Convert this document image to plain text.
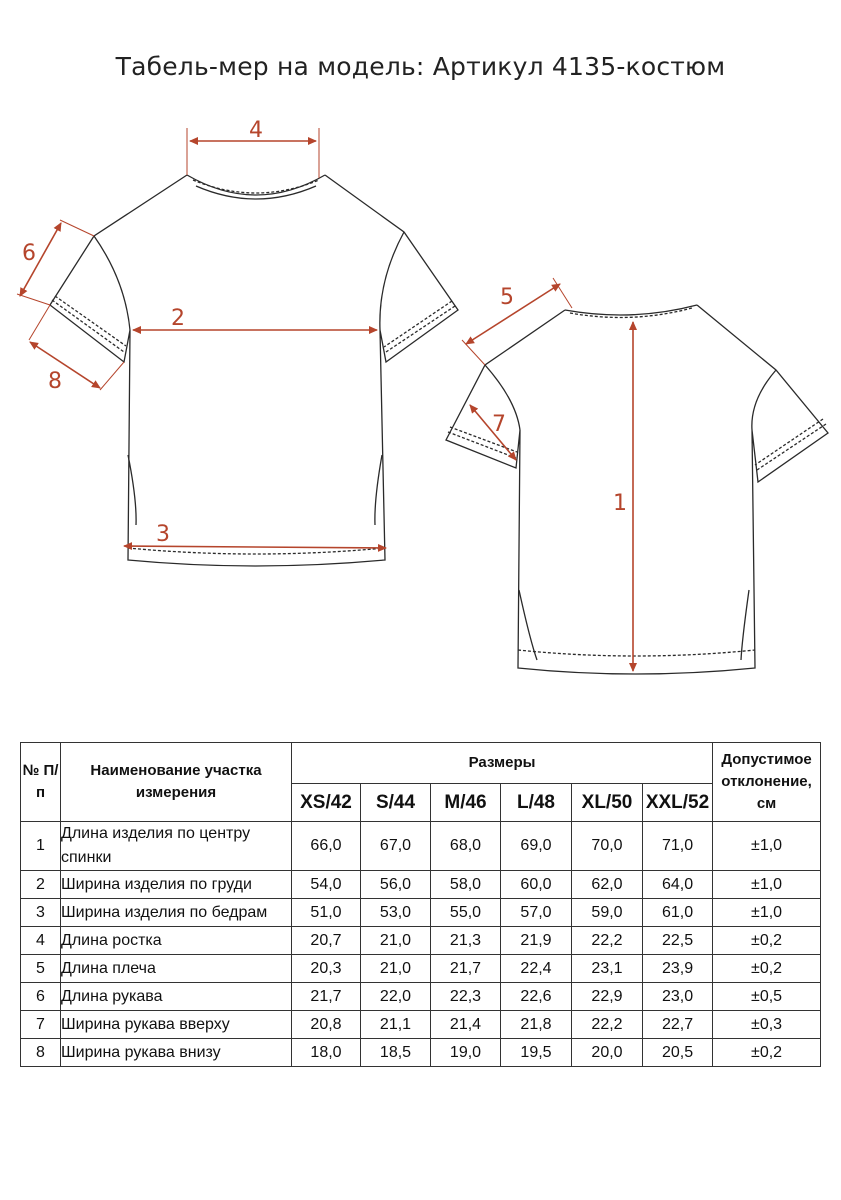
Табель-мер на модель: Артикул 4135-костюм
4
2
3
6
8
5
7
1
№ П/п	Наименование участка измерения	Размеры						Допустимое отклонение, см
		XS/42	S/44	M/46	L/48	XL/50	XXL/52	
1	Длина изделия по центру спинки	66,0	67,0	68,0	69,0	70,0	71,0	±1,0
2	Ширина изделия по груди	54,0	56,0	58,0	60,0	62,0	64,0	±1,0
3	Ширина изделия по бедрам	51,0	53,0	55,0	57,0	59,0	61,0	±1,0
4	Длина ростка	20,7	21,0	21,3	21,9	22,2	22,5	±0,2
5	Длина плеча	20,3	21,0	21,7	22,4	23,1	23,9	±0,2
6	Длина рукава	21,7	22,0	22,3	22,6	22,9	23,0	±0,5
7	Ширина рукава вверху	20,8	21,1	21,4	21,8	22,2	22,7	±0,3
8	Ширина рукава внизу	18,0	18,5	19,0	19,5	20,0	20,5	±0,2
